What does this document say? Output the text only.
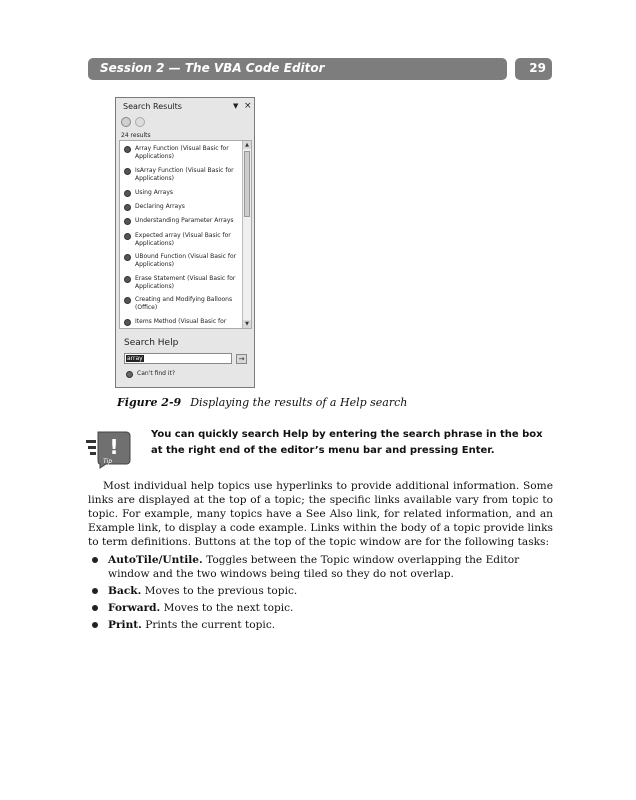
Session 2 — The VBA Code Editor	29
Search Results	▼ ×
24 results
Array Function (Visual Basic for Applications)
IsArray Function (Visual Basic for Applications)
Using Arrays
Declaring Arrays
Understanding Parameter Arrays
Expected array (Visual Basic for Applications)
UBound Function (Visual Basic for Applications)
Erase Statement (Visual Basic for Applications)
Creating and Modifying Balloons (Office)
Items Method (Visual Basic for
▲
▼
Search Help
array	→
Can't find it?
Figure 2-9 Displaying the results of a Help search
!
Tip
You can quickly search Help by entering the search phrase in the box at the right end of the editor’s menu bar and pressing Enter.

Most individual help topics use hyperlinks to provide additional information. Some links are displayed at the top of a topic; the specific links available vary from topic to topic. For example, many topics have a See Also link, for related information, and an Example link, to display a code example. Links within the body of a topic provide links to term definitions. Buttons at the top of the topic window are for the following tasks:

AutoTile/Untile. Toggles between the Topic window overlapping the Editor window and the two windows being tiled so they do not overlap.
Back. Moves to the previous topic.
Forward. Moves to the next topic.
Print. Prints the current topic.
